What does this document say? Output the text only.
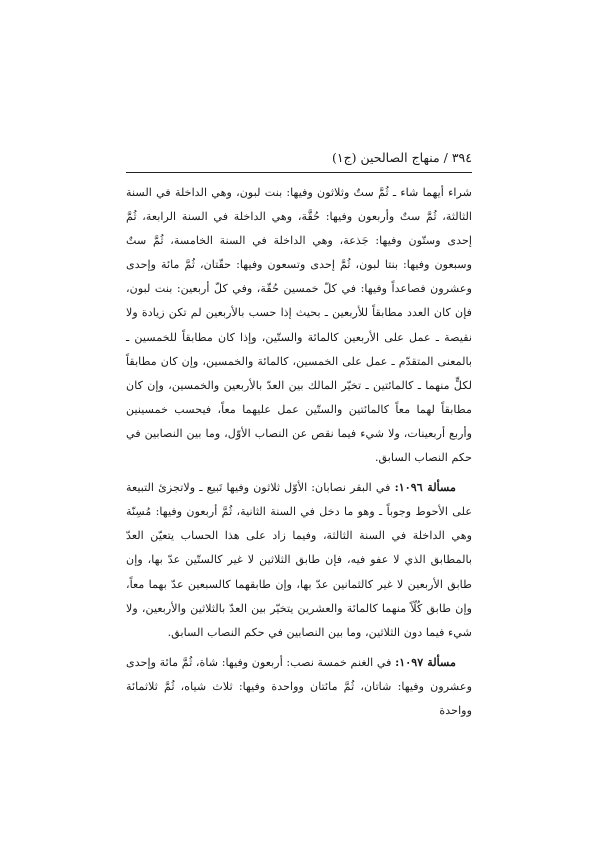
٣٩٤ / منهاج الصالحين (ج١)

شراء أيهما شاء ـ ثُمَّ ستٌ وثلاثون وفيها: بنت لبون، وهي الداخلة في السنة الثالثة، ثُمَّ ستٌ وأربعون وفيها: حُقَّة، وهي الداخلة في السنة الرابعة، ثُمَّ إحدى وستّون وفيها: جَذعة، وهي الداخلة في السنة الخامسة، ثُمَّ ستٌ وسبعون وفيها: بنتا لبون، ثُمَّ إحدى وتسعون وفيها: حقّتان، ثُمَّ مائة وإحدى وعشرون فصاعداً وفيها: في كلّ خمسين حُقّة، وفي كلّ أربعين: بنت لبون، فإن كان العدد مطابقاً للأربعين ـ بحيث إذا حسب بالأربعين لم تكن زيادة ولا نقيصة ـ عمل على الأربعين كالمائة والستّين، وإذا كان مطابقاً للخمسين ـ بالمعنى المتقدّم ـ عمل على الخمسين، كالمائة والخمسين، وإن كان مطابقاً لكلٍّ منهما ـ كالمائتين ـ تخيّر المالك بين العدّ بالأربعين والخمسين، وإن كان مطابقاً لهما معاً كالمائتين والستّين عمل عليهما معاً، فيحسب خمسينين وأربع أربعينات، ولا شيء فيما نقص عن النصاب الأوّل، وما بين النصابين في حكم النصاب السابق.

مسألة ١٠٩٦: في البقر نصابان: الأوّل ثلاثون وفيها تَبيع ـ ولاتجزئ التبيعة على الأحوط وجوباً ـ وهو ما دخل في السنة الثانية، ثُمَّ أربعون وفيها: مُسِنّة وهي الداخلة في السنة الثالثة، وفيما زاد على هذا الحساب يتعيّن العدّ بالمطابق الذي لا عفو فيه، فإن طابق الثلاثين لا غير كالستّين عدّ بها، وإن طابق الأربعين لا غير كالثمانين عدّ بها، وإن طابقهما كالسبعين عدّ بهما معاً، وإن طابق كُلّاً منهما كالمائة والعشرين يتخيّر بين العدّ بالثلاثين والأربعين، ولا شيء فيما دون الثلاثين، وما بين النصابين في حكم النصاب السابق.

مسألة ١٠٩٧: في الغنم خمسة نصب: أربعون وفيها: شاة، ثُمَّ مائة وإحدى وعشرون وفيها: شاتان، ثُمَّ مائتان وواحدة وفيها: ثلاث شياه، ثُمَّ ثلاثمائة وواحدة
